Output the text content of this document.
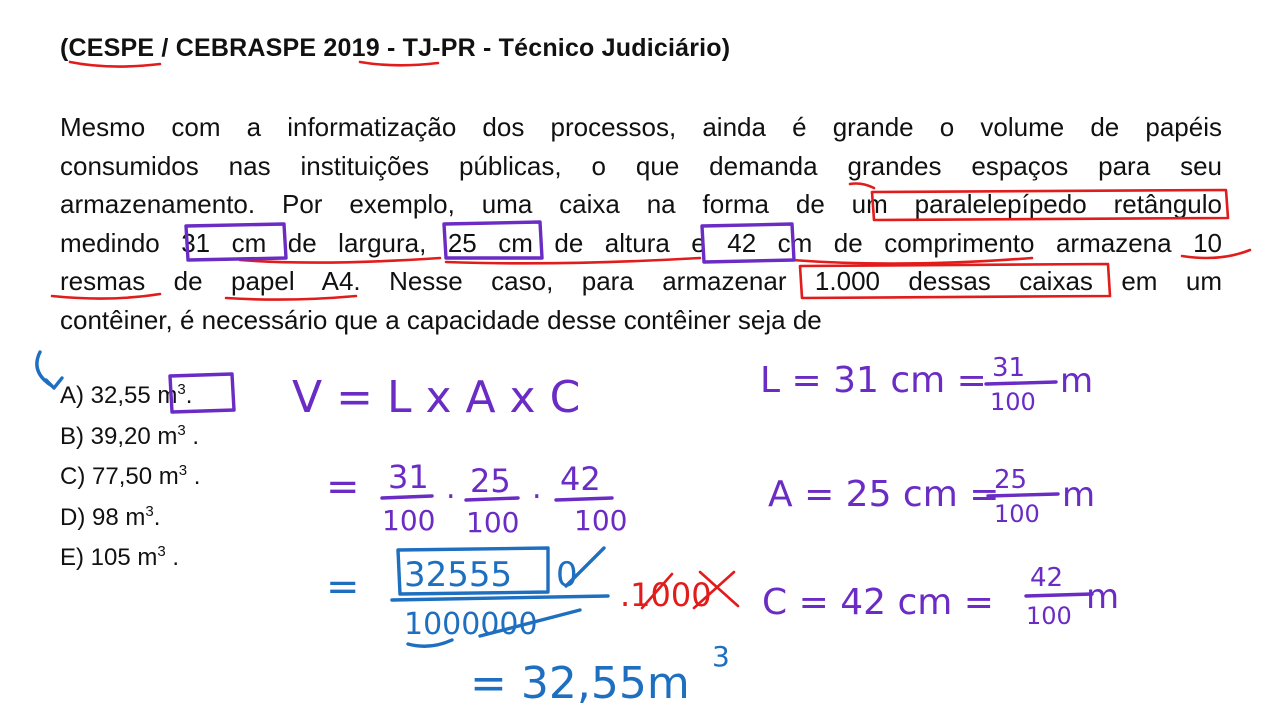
(CESPE / CEBRASPE 2019 - TJ-PR - Técnico Judiciário)
Mesmo com a informatização dos processos, ainda é grande o volume de papéis
consumidos nas instituições públicas, o que demanda grandes espaços para seu
armazenamento. Por exemplo, uma caixa na forma de um paralelepípedo retângulo
medindo 31 cm de largura, 25 cm de altura e 42 cm de comprimento armazena 10
resmas de papel A4. Nesse caso, para armazenar 1.000 dessas caixas em um
contêiner, é necessário que a capacidade desse contêiner seja de
A) 32,55 $m^3$.
B) 39,20 $m^3$ .
C) 77,50 $m^3$ .
D) 98 $m^3$.
E) 105 $m^3$ .
V = L x A x C
= 31 25 42
100 100 100
.	.
= 32555 0
1000000
.1000
= 32,55m
3
L = 31 cm = 31
100
m
A = 25 cm =
25
100 m
C = 42 cm =
42
100 m
